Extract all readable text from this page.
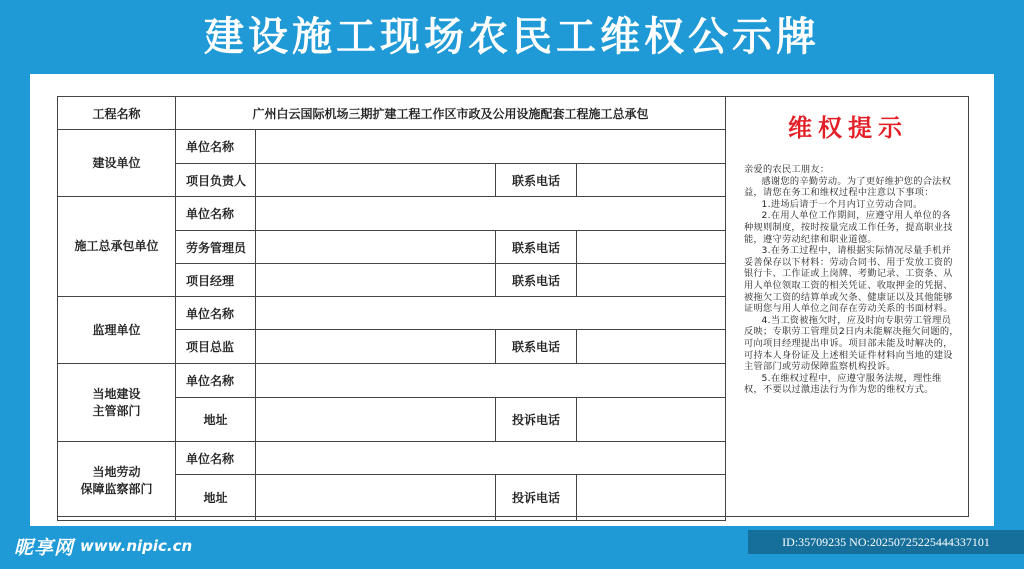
建设施工现场农民工维权公示牌
工程名称	广州白云国际机场三期扩建工程工作区市政及公用设施配套工程施工总承包			
建设单位	单位名称			
	项目负责人		联系电话	
施工总承包单位	单位名称			
	劳务管理员		联系电话	
	项目经理		联系电话	
监理单位	单位名称			
	项目总监		联系电话	
当地建设
主管部门	单位名称			
	地址		投诉电话	
当地劳动
保障监察部门	单位名称			
	地址		投诉电话	
维权提示

亲爱的农民工朋友：

感谢您的辛勤劳动。为了更好维护您的合法权益，请您在务工和维权过程中注意以下事项：

1.进场后请于一个月内订立劳动合同。

2.在用人单位工作期间，应遵守用人单位的各种规则制度，按时按量完成工作任务，提高职业技能，遵守劳动纪律和职业道德。

3.在务工过程中，请根据实际情况尽量手机并妥善保存以下材料：劳动合同书、用于发放工资的银行卡、工作证或上岗牌、考勤记录、工资条、从用人单位领取工资的相关凭证、收取押金的凭据、被拖欠工资的结算单或欠条、健康证以及其他能够证明您与用人单位之间存在劳动关系的书面材料。

4.当工资被拖欠时，应及时向专职劳工管理员反映；专职劳工管理员2日内未能解决拖欠问题的，可向项目经理提出申诉。项目部未能及时解决的，可持本人身份证及上述相关证件材料向当地的建设主管部门或劳动保障监察机构投诉。

5.在维权过程中，应遵守服务法规，理性维权，不要以过激违法行为作为您的维权方式。

昵享网 www.nipic.cn	ID:35709235 NO:20250725225444337101
